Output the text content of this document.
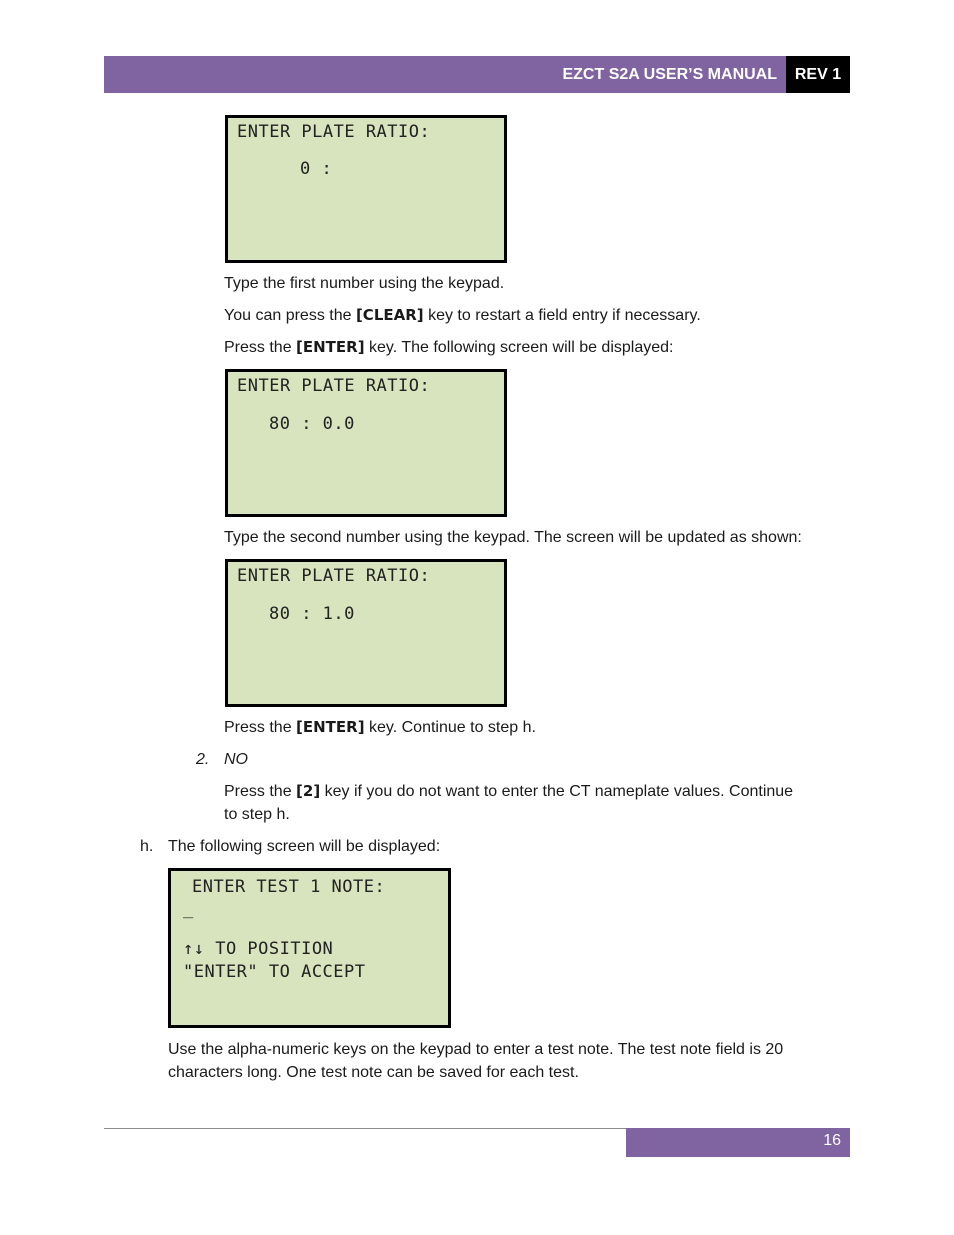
EZCT S2A USER’S MANUAL	REV 1
ENTER PLATE RATIO:
0 :
Type the first number using the keypad.
You can press the [CLEAR] key to restart a field entry if necessary.
Press the [ENTER] key. The following screen will be displayed:
ENTER PLATE RATIO:
80 : 0.0
Type the second number using the keypad. The screen will be updated as shown:
ENTER PLATE RATIO:
80 : 1.0
Press the [ENTER] key. Continue to step h.
2. NO
Press the [2] key if you do not want to enter the CT nameplate values. Continue
to step h.
h. The following screen will be displayed:
ENTER TEST 1 NOTE:
_
↑↓ TO POSITION
"ENTER" TO ACCEPT
Use the alpha-numeric keys on the keypad to enter a test note. The test note field is 20
characters long. One test note can be saved for each test.
16
